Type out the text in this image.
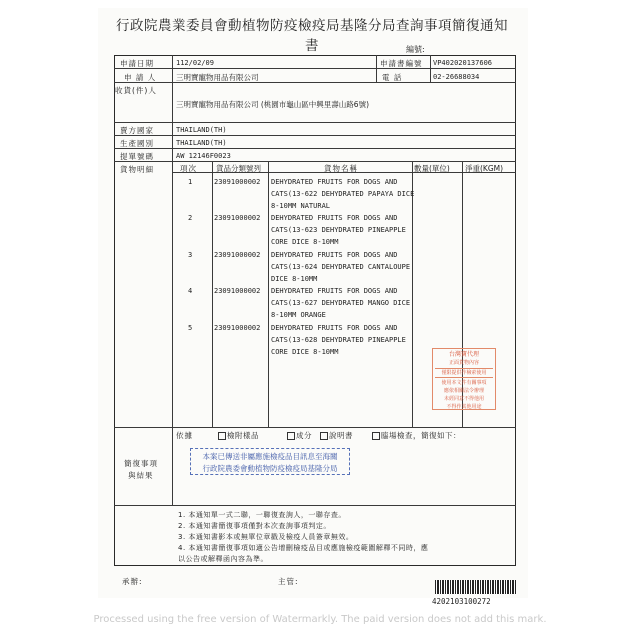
行政院農業委員會動植物防疫檢疫局基隆分局查詢事項簡復通知書	編號:
申請日期	112/02/09	申請書編號 VP402020137606
申 請 人	三明寶寵物用品有限公司	電 話	02-26688034
收貨(件)人
三明寶寵物用品有限公司 (桃園市龜山區中興里壽山路6號)
賣方國家	THAILAND(TH)
生產國別	THAILAND(TH)
提單號碼	AW 12146F0023
貨物明細	項次	貨品分類號列	貨物名稱	數量(單位) 淨重(KGM)
1	23091000002 DEHYDRATED FRUITS FOR DOGS AND CATS(13-622 DEHYDRATED PAPAYA DICE 8-10MM NATURAL
2	23091000002 DEHYDRATED FRUITS FOR DOGS AND CATS(13-623 DEHYDRATED PINEAPPLE CORE DICE 8-10MM
3	23091000002 DEHYDRATED FRUITS FOR DOGS AND CATS(13-624 DEHYDRATED CANTALOUPE DICE 8-10MM
4	23091000002 DEHYDRATED FRUITS FOR DOGS AND CATS(13-627 DEHYDRATED MANGO DICE 8-10MM ORANGE
5	23091000002 DEHYDRATED FRUITS FOR DOGS AND CATS(13-628 DEHYDRATED PINEAPPLE CORE DICE 8-10MM	台灣寶代理
正面貨物內容
僅限提供作檢索使用
使用本文件有關事項
應依相關法令辦理
未經同意不得他用
不得作其他用途
依據	檢附樣品	成分	說明書	臨場檢查，簡復如下：
簡復事項
與結果
本案已傳送非屬應施檢疫品目訊息至海關
行政院農委會動植物防疫檢疫局基隆分局
1. 本通知單一式二聯，一聯復查詢人，一聯存查。
2. 本通知書簡復事項僅對本次查詢事項判定。
3. 本通知書影本或無單位章戳及檢疫人員簽章無效。
4. 本通知書簡復事項如適公告增刪檢疫品目或應施檢疫範圍解釋不同時，應
以公告或解釋函內容為準。
承辦:	主管:
4202103100272
Processed using the free version of Watermarkly. The paid version does not add this mark.
